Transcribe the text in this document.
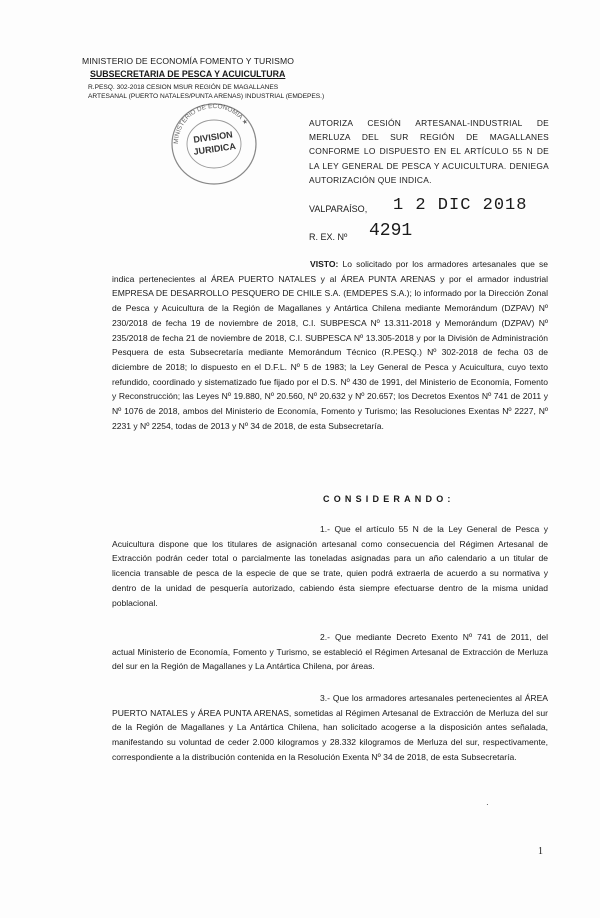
MINISTERIO DE ECONOMÍA FOMENTO Y TURISMO
SUBSECRETARIA DE PESCA Y ACUICULTURA
R.PESQ. 302-2018 CESION MSUR REGIÓN DE MAGALLANES
ARTESANAL (PUERTO NATALES/PUNTA ARENAS) INDUSTRIAL (EMDEPES.)
MINISTERIO DE ECONOMIA ★
DIVISION
JURIDICA
AUTORIZA CESIÓN ARTESANAL-INDUSTRIAL DE MERLUZA DEL SUR REGIÓN DE MAGALLANES CONFORME LO DISPUESTO EN EL ARTÍCULO 55 N DE LA LEY GENERAL DE PESCA Y ACUICULTURA. DENIEGA AUTORIZACIÓN QUE INDICA.
VALPARAÍSO, 1 2 DIC 2018
R. EX. Nº 4291
VISTO: Lo solicitado por los armadores artesanales que se indica pertenecientes al ÁREA PUERTO NATALES y al ÁREA PUNTA ARENAS y por el armador industrial EMPRESA DE DESARROLLO PESQUERO DE CHILE S.A. (EMDEPES S.A.); lo informado por la Dirección Zonal de Pesca y Acuicultura de la Región de Magallanes y Antártica Chilena mediante Memorándum (DZPAV) Nº 230/2018 de fecha 19 de noviembre de 2018, C.I. SUBPESCA Nº 13.311-2018 y Memorándum (DZPAV) Nº 235/2018 de fecha 21 de noviembre de 2018, C.I. SUBPESCA Nº 13.305-2018 y por la División de Administración Pesquera de esta Subsecretaría mediante Memorándum Técnico (R.PESQ.) Nº 302-2018 de fecha 03 de diciembre de 2018; lo dispuesto en el D.F.L. Nº 5 de 1983; la Ley General de Pesca y Acuicultura, cuyo texto refundido, coordinado y sistematizado fue fijado por el D.S. Nº 430 de 1991, del Ministerio de Economía, Fomento y Reconstrucción; las Leyes Nº 19.880, Nº 20.560, Nº 20.632 y Nº 20.657; los Decretos Exentos Nº 741 de 2011 y Nº 1076 de 2018, ambos del Ministerio de Economía, Fomento y Turismo; las Resoluciones Exentas Nº 2227, Nº 2231 y Nº 2254, todas de 2013 y Nº 34 de 2018, de esta Subsecretaría.
CONSIDERANDO:
1.- Que el artículo 55 N de la Ley General de Pesca y Acuicultura dispone que los titulares de asignación artesanal como consecuencia del Régimen Artesanal de Extracción podrán ceder total o parcialmente las toneladas asignadas para un año calendario a un titular de licencia transable de pesca de la especie de que se trate, quien podrá extraerla de acuerdo a su normativa y dentro de la unidad de pesquería autorizado, cabiendo ésta siempre efectuarse dentro de la misma unidad poblacional.
2.- Que mediante Decreto Exento Nº 741 de 2011, del actual Ministerio de Economía, Fomento y Turismo, se estableció el Régimen Artesanal de Extracción de Merluza del sur en la Región de Magallanes y La Antártica Chilena, por áreas.
3.- Que los armadores artesanales pertenecientes al ÁREA PUERTO NATALES y ÁREA PUNTA ARENAS, sometidas al Régimen Artesanal de Extracción de Merluza del sur de la Región de Magallanes y La Antártica Chilena, han solicitado acogerse a la disposición antes señalada, manifestando su voluntad de ceder 2.000 kilogramos y 28.332 kilogramos de Merluza del sur, respectivamente, correspondiente a la distribución contenida en la Resolución Exenta Nº 34 de 2018, de esta Subsecretaría.
·
1
